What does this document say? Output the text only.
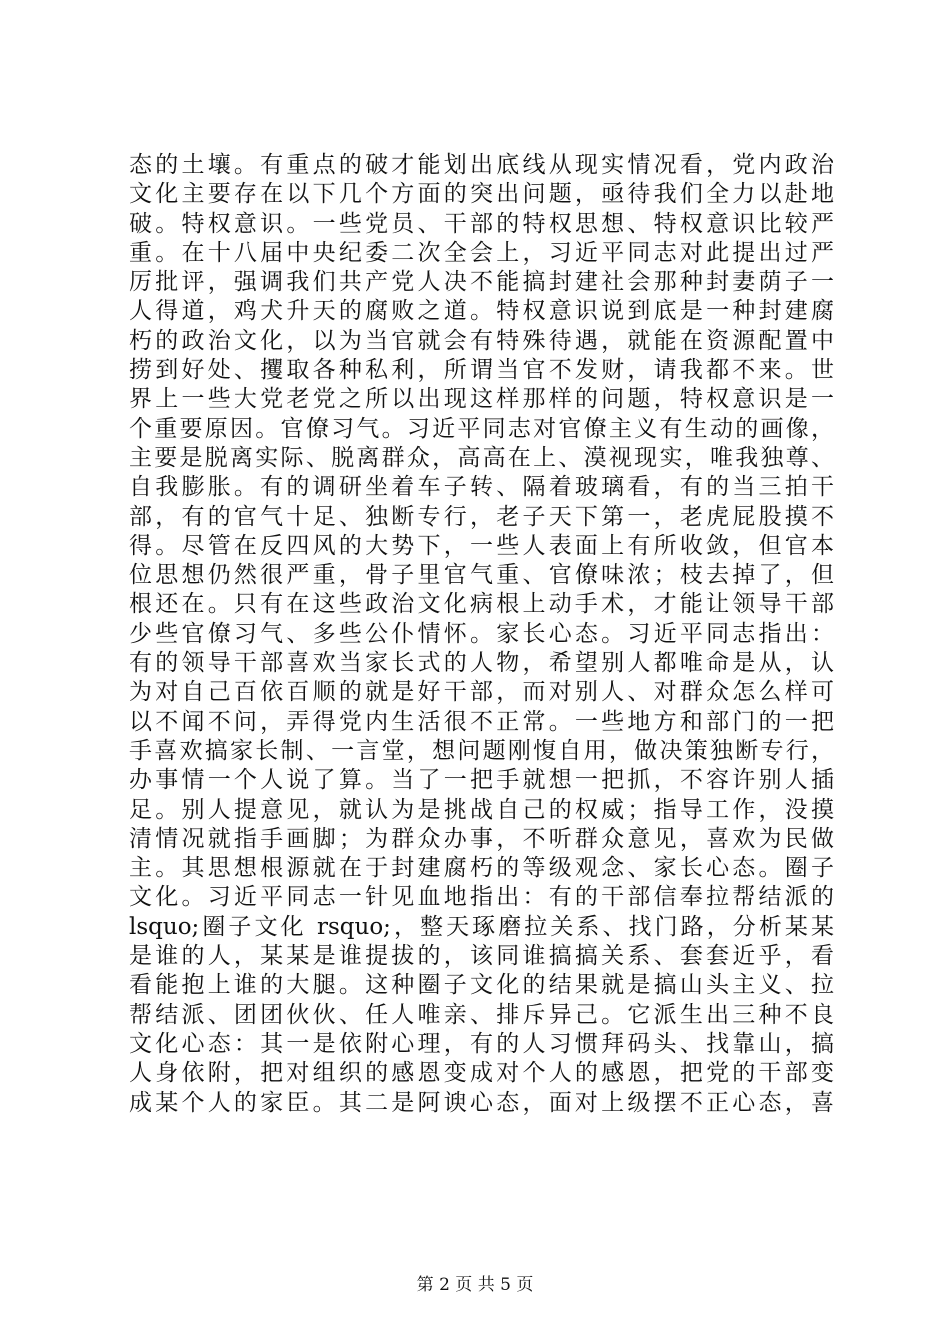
态的土壤。有重点的破才能划出底线从现实情况看，党内政治
文化主要存在以下几个方面的突出问题，亟待我们全力以赴地
破。特权意识。一些党员、干部的特权思想、特权意识比较严
重。在十八届中央纪委二次全会上，习近平同志对此提出过严
厉批评，强调我们共产党人决不能搞封建社会那种封妻荫子一
人得道，鸡犬升天的腐败之道。特权意识说到底是一种封建腐
朽的政治文化，以为当官就会有特殊待遇，就能在资源配置中
捞到好处、攫取各种私利，所谓当官不发财，请我都不来。世
界上一些大党老党之所以出现这样那样的问题，特权意识是一
个重要原因。官僚习气。习近平同志对官僚主义有生动的画像，
主要是脱离实际、脱离群众，高高在上、漠视现实，唯我独尊、
自我膨胀。有的调研坐着车子转、隔着玻璃看，有的当三拍干
部，有的官气十足、独断专行，老子天下第一，老虎屁股摸不
得。尽管在反四风的大势下，一些人表面上有所收敛，但官本
位思想仍然很严重，骨子里官气重、官僚味浓；枝去掉了，但
根还在。只有在这些政治文化病根上动手术，才能让领导干部
少些官僚习气、多些公仆情怀。家长心态。习近平同志指出：
有的领导干部喜欢当家长式的人物，希望别人都唯命是从，认
为对自己百依百顺的就是好干部，而对别人、对群众怎么样可
以不闻不问，弄得党内生活很不正常。一些地方和部门的一把
手喜欢搞家长制、一言堂，想问题刚愎自用，做决策独断专行，
办事情一个人说了算。当了一把手就想一把抓，不容许别人插
足。别人提意见，就认为是挑战自己的权威；指导工作，没摸
清情况就指手画脚；为群众办事，不听群众意见，喜欢为民做
主。其思想根源就在于封建腐朽的等级观念、家长心态。圈子
文化。习近平同志一针见血地指出：有的干部信奉拉帮结派的
lsquo;圈子文化 rsquo;，整天琢磨拉关系、找门路，分析某某
是谁的人，某某是谁提拔的，该同谁搞搞关系、套套近乎，看
看能抱上谁的大腿。这种圈子文化的结果就是搞山头主义、拉
帮结派、团团伙伙、任人唯亲、排斥异己。它派生出三种不良
文化心态：其一是依附心理，有的人习惯拜码头、找靠山，搞
人身依附，把对组织的感恩变成对个人的感恩，把党的干部变
成某个人的家臣。其二是阿谀心态，面对上级摆不正心态，喜
第 2 页 共 5 页
